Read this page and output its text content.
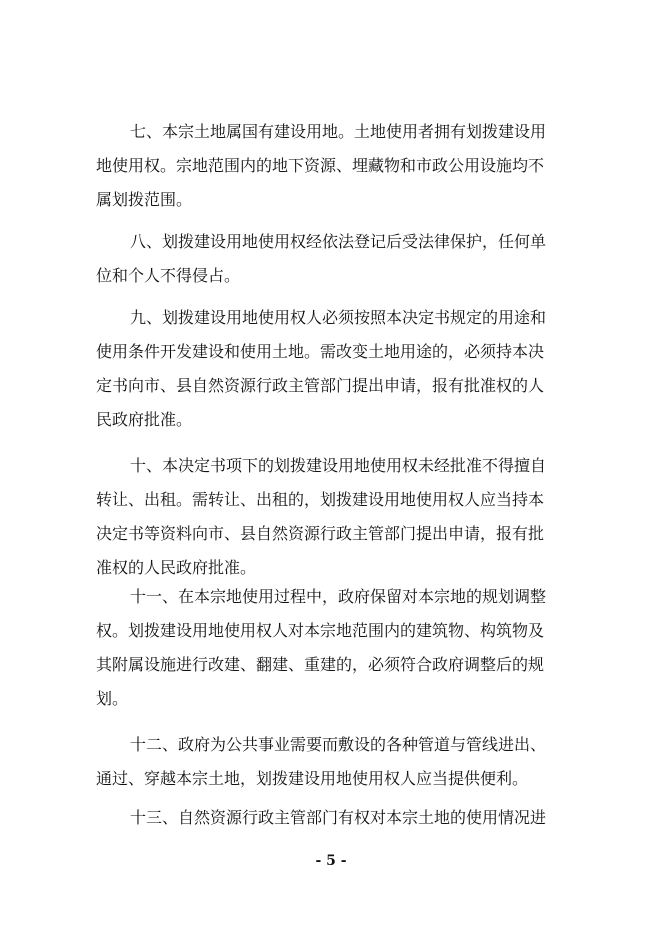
七、本宗土地属国有建设用地。土地使用者拥有划拨建设用
地使用权。宗地范围内的地下资源、埋藏物和市政公用设施均不
属划拨范围。

八、划拨建设用地使用权经依法登记后受法律保护，任何单
位和个人不得侵占。

九、划拨建设用地使用权人必须按照本决定书规定的用途和
使用条件开发建设和使用土地。需改变土地用途的，必须持本决
定书向市、县自然资源行政主管部门提出申请，报有批准权的人
民政府批准。

十、本决定书项下的划拨建设用地使用权未经批准不得擅自
转让、出租。需转让、出租的，划拨建设用地使用权人应当持本
决定书等资料向市、县自然资源行政主管部门提出申请，报有批
准权的人民政府批准。

十一、在本宗地使用过程中，政府保留对本宗地的规划调整
权。划拨建设用地使用权人对本宗地范围内的建筑物、构筑物及
其附属设施进行改建、翻建、重建的，必须符合政府调整后的规
划。

十二、政府为公共事业需要而敷设的各种管道与管线进出、
通过、穿越本宗土地，划拨建设用地使用权人应当提供便利。

十三、自然资源行政主管部门有权对本宗土地的使用情况进

- 5 -
